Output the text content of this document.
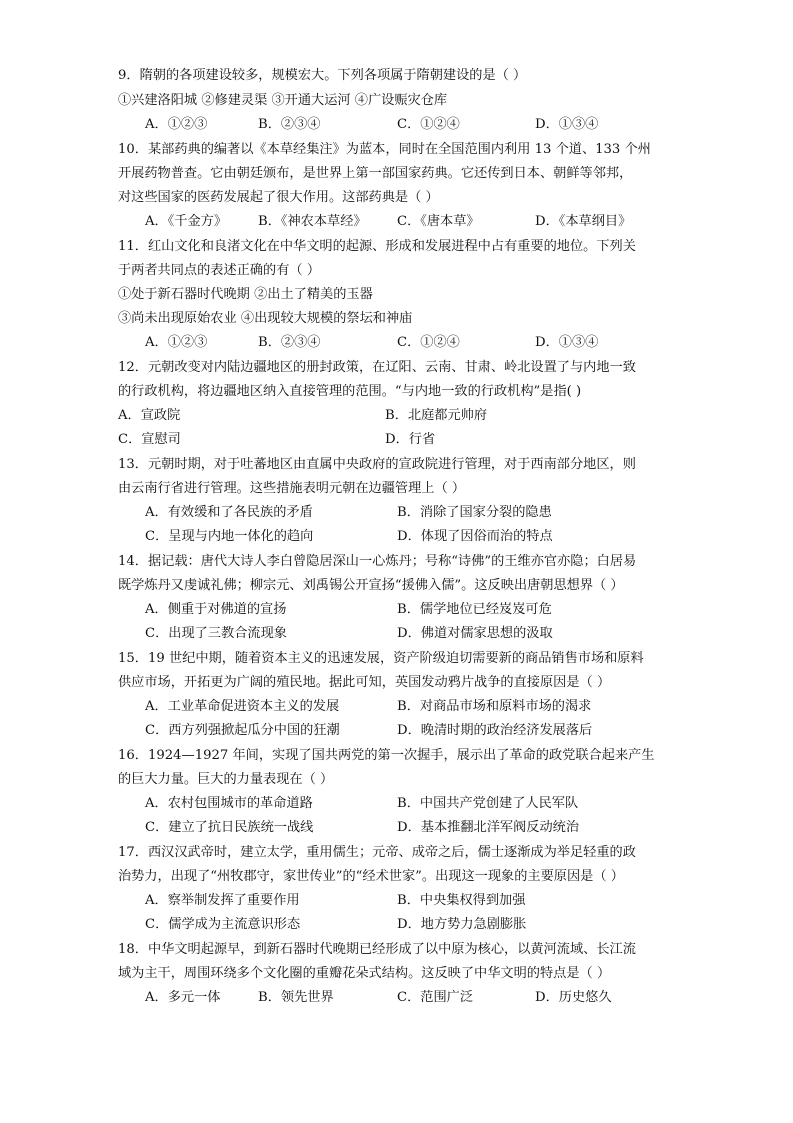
9．隋朝的各项建设较多，规模宏大。下列各项属于隋朝建设的是（ ）
①兴建洛阳城 ②修建灵渠 ③开通大运河 ④广设赈灾仓库
A．①②③	B．②③④	C．①②④	D．①③④
10．某部药典的编著以《本草经集注》为蓝本，同时在全国范围内利用 13 个道、133 个州
开展药物普查。它由朝廷颁布，是世界上第一部国家药典。它还传到日本、朝鲜等邻邦，
对这些国家的医药发展起了很大作用。这部药典是（ ）
A．《千金方》 B．《神农本草经》 C．《唐本草》	D．《本草纲目》
11．红山文化和良渚文化在中华文明的起源、形成和发展进程中占有重要的地位。下列关
于两者共同点的表述正确的有（ ）
①处于新石器时代晚期 ②出土了精美的玉器
③尚未出现原始农业 ④出现较大规模的祭坛和神庙
A．①②③	B．②③④	C．①②④	D．①③④
12．元朝改变对内陆边疆地区的册封政策，在辽阳、云南、甘肃、岭北设置了与内地一致
的行政机构，将边疆地区纳入直接管理的范围。“与内地一致的行政机构”是指( )
A．宣政院	B．北庭都元帅府
C．宣慰司	D．行省
13．元朝时期，对于吐蕃地区由直属中央政府的宣政院进行管理，对于西南部分地区，则
由云南行省进行管理。这些措施表明元朝在边疆管理上（ ）
A．有效缓和了各民族的矛盾	B．消除了国家分裂的隐患
C．呈现与内地一体化的趋向	D．体现了因俗而治的特点
14．据记载：唐代大诗人李白曾隐居深山一心炼丹；号称“诗佛”的王维亦官亦隐；白居易
既学炼丹又虔诚礼佛；柳宗元、刘禹锡公开宣扬“援佛入儒”。这反映出唐朝思想界（ ）
A．侧重于对佛道的宣扬	B．儒学地位已经岌岌可危
C．出现了三教合流现象	D．佛道对儒家思想的汲取
15．19 世纪中期，随着资本主义的迅速发展，资产阶级迫切需要新的商品销售市场和原料
供应市场，开拓更为广阔的殖民地。据此可知，英国发动鸦片战争的直接原因是（ ）
A．工业革命促进资本主义的发展	B．对商品市场和原料市场的渴求
C．西方列强掀起瓜分中国的狂潮	D．晚清时期的政治经济发展落后
16．1924—1927 年间，实现了国共两党的第一次握手，展示出了革命的政党联合起来产生
的巨大力量。巨大的力量表现在（ ）
A．农村包围城市的革命道路	B．中国共产党创建了人民军队
C．建立了抗日民族统一战线	D．基本推翻北洋军阀反动统治
17．西汉汉武帝时，建立太学，重用儒生；元帝、成帝之后，儒士逐渐成为举足轻重的政
治势力，出现了“州牧郡守，家世传业”的“经术世家”。出现这一现象的主要原因是（ ）
A．察举制发挥了重要作用	B．中央集权得到加强
C．儒学成为主流意识形态	D．地方势力急剧膨胀
18．中华文明起源早，到新石器时代晚期已经形成了以中原为核心，以黄河流域、长江流
域为主干，周围环绕多个文化圈的重瓣花朵式结构。这反映了中华文明的特点是（ ）
A．多元一体	B．领先世界	C．范围广泛	D．历史悠久
